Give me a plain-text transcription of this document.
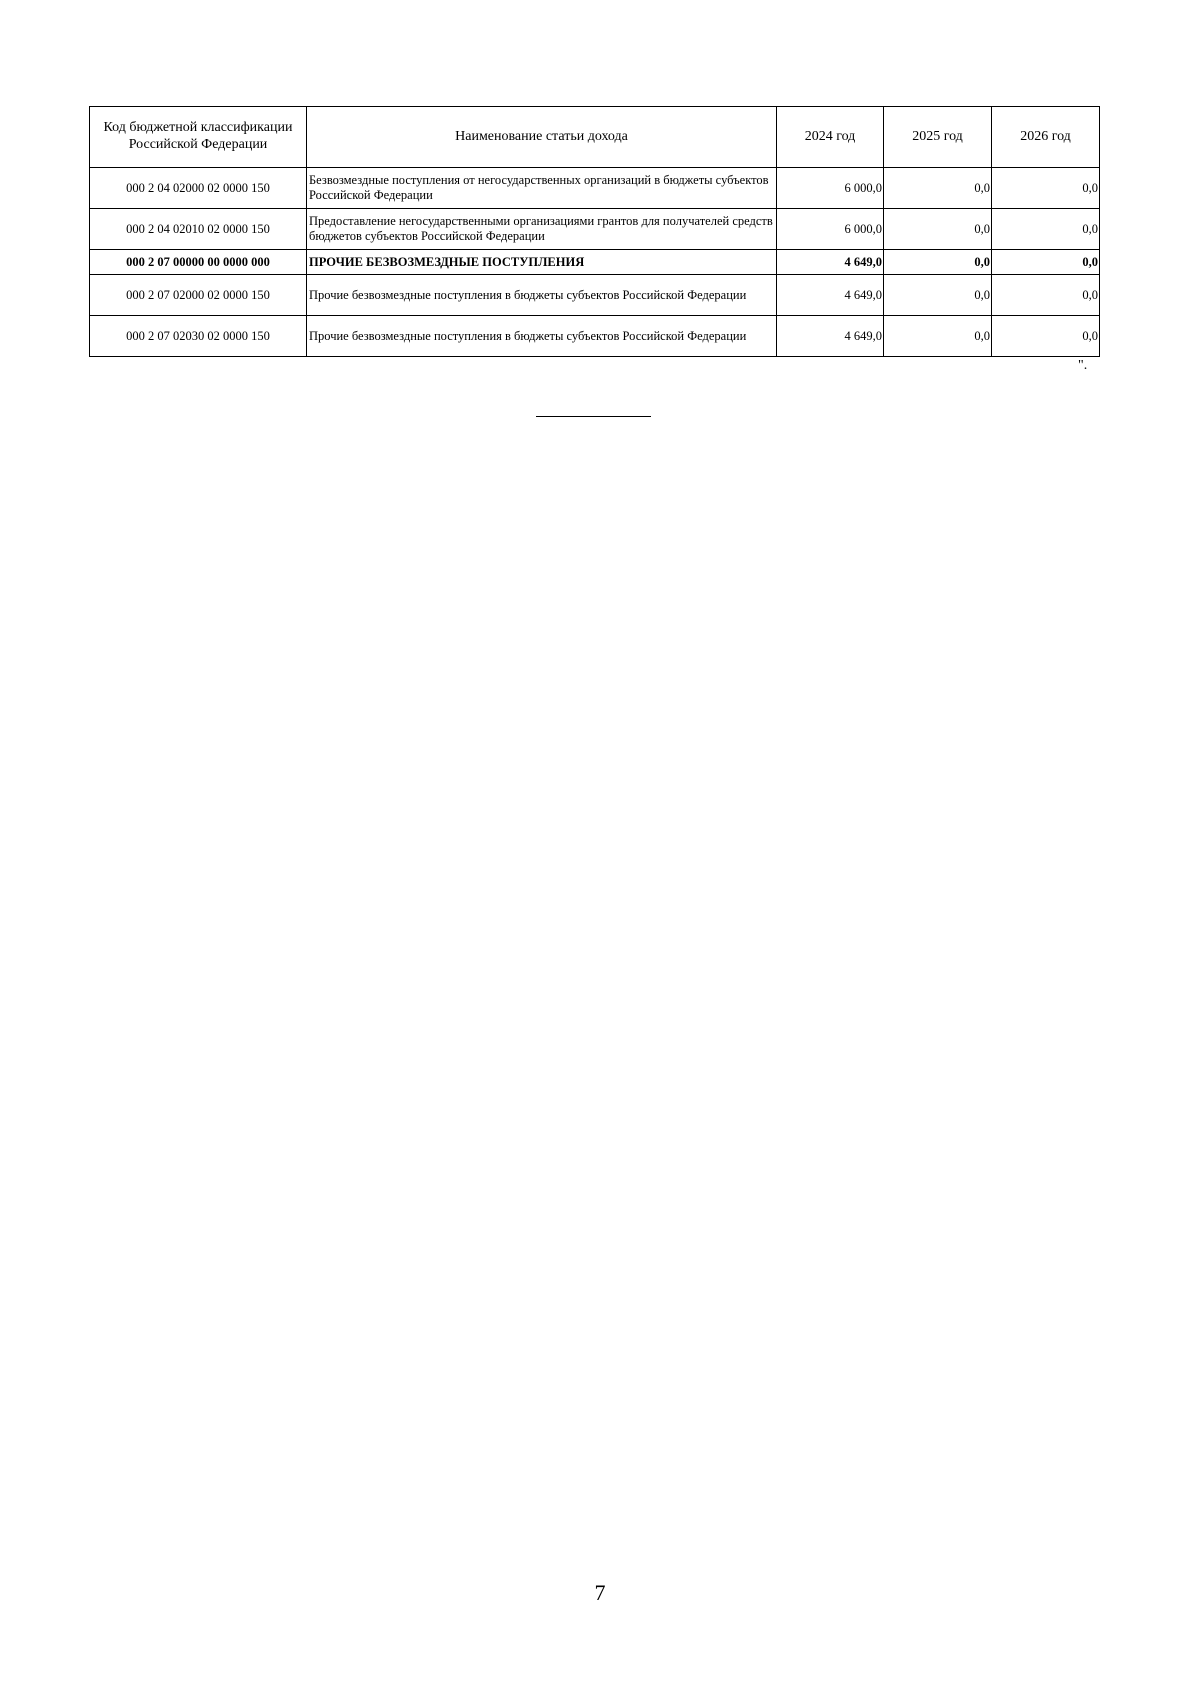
Код бюджетной классификации Российской Федерации	Наименование статьи дохода	2024 год	2025 год	2026 год
000 2 04 02000 02 0000 150	Безвозмездные поступления от негосударственных организаций в бюджеты субъектов Российской Федерации	6 000,0	0,0	0,0
000 2 04 02010 02 0000 150	Предоставление негосударственными организациями грантов для получателей средств бюджетов субъектов Российской Федерации	6 000,0	0,0	0,0
000 2 07 00000 00 0000 000	ПРОЧИЕ БЕЗВОЗМЕЗДНЫЕ ПОСТУПЛЕНИЯ	4 649,0	0,0	0,0
000 2 07 02000 02 0000 150	Прочие безвозмездные поступления в бюджеты субъектов Российской Федерации	4 649,0	0,0	0,0
000 2 07 02030 02 0000 150	Прочие безвозмездные поступления в бюджеты субъектов Российской Федерации	4 649,0	0,0	0,0
".
7
